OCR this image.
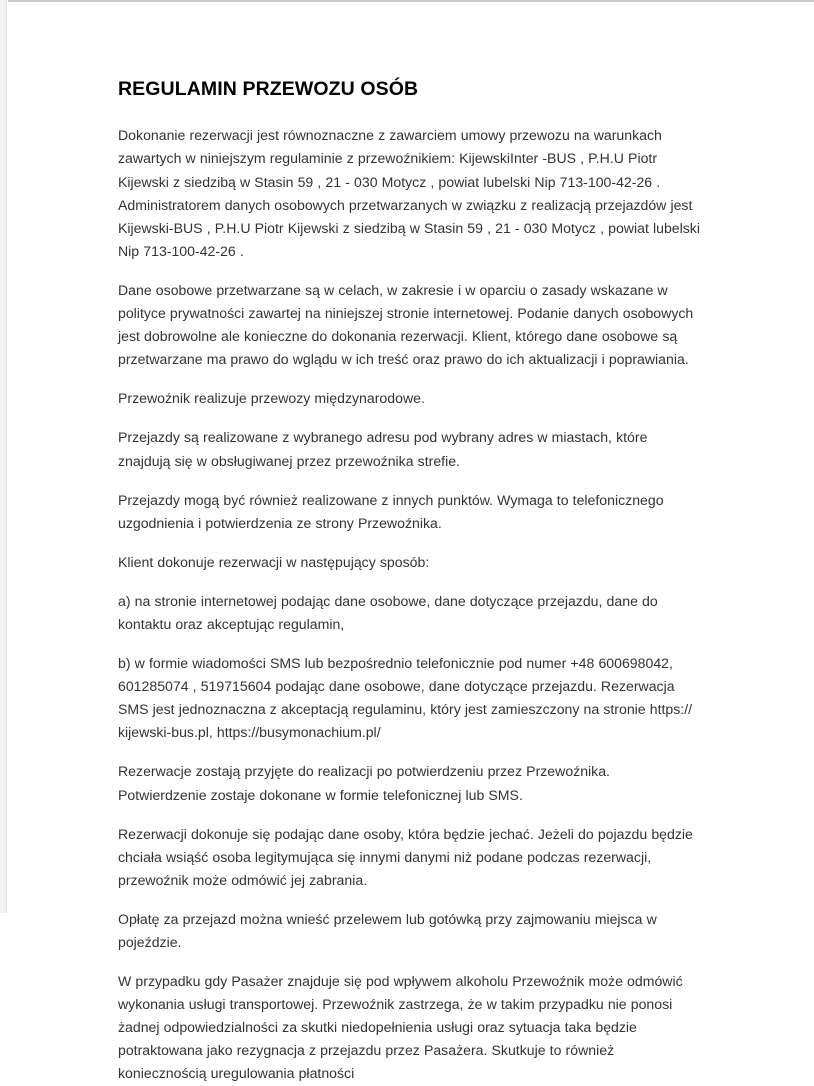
REGULAMIN PRZEWOZU OSÓB

Dokonanie rezerwacji jest równoznaczne z zawarciem umowy przewozu na warunkach zawartych w niniejszym regulaminie z przewoźnikiem: KijewskiInter -BUS , P.H.U Piotr Kijewski z siedzibą w Stasin 59 , 21 - 030 Motycz , powiat lubelski Nip 713-100-42-26 . Administratorem danych osobowych przetwarzanych w związku z realizacją przejazdów jest Kijewski-BUS , P.H.U Piotr Kijewski z siedzibą w Stasin 59 , 21 - 030 Motycz , powiat lubelski Nip 713-100-42-26 .

Dane osobowe przetwarzane są w celach, w zakresie i w oparciu o zasady wskazane w polityce prywatności zawartej na niniejszej stronie internetowej. Podanie danych osobowych jest dobrowolne ale konieczne do dokonania rezerwacji. Klient, którego dane osobowe są przetwarzane ma prawo do wglądu w ich treść oraz prawo do ich aktualizacji i poprawiania.

Przewoźnik realizuje przewozy międzynarodowe.

Przejazdy są realizowane z wybranego adresu pod wybrany adres w miastach, które znajdują się w obsługiwanej przez przewoźnika strefie.

Przejazdy mogą być również realizowane z innych punktów. Wymaga to telefonicznego uzgodnienia i potwierdzenia ze strony Przewoźnika.

Klient dokonuje rezerwacji w następujący sposób:

a) na stronie internetowej podając dane osobowe, dane dotyczące przejazdu, dane do kontaktu oraz akceptując regulamin,

b) w formie wiadomości SMS lub bezpośrednio telefonicznie pod numer +48 600698042, 601285074 , 519715604 podając dane osobowe, dane dotyczące przejazdu. Rezerwacja SMS jest jednoznaczna z akceptacją regulaminu, który jest zamieszczony na stronie https:// kijewski-bus.pl, https://busymonachium.pl/

Rezerwacje zostają przyjęte do realizacji po potwierdzeniu przez Przewoźnika. Potwierdzenie zostaje dokonane w formie telefonicznej lub SMS.

Rezerwacji dokonuje się podając dane osoby, która będzie jechać. Jeżeli do pojazdu będzie chciała wsiąść osoba legitymująca się innymi danymi niż podane podczas rezerwacji, przewoźnik może odmówić jej zabrania.

Opłatę za przejazd można wnieść przelewem lub gotówką przy zajmowaniu miejsca w pojeździe.

W przypadku gdy Pasażer znajduje się pod wpływem alkoholu Przewoźnik może odmówić wykonania usługi transportowej. Przewoźnik zastrzega, że w takim przypadku nie ponosi żadnej odpowiedzialności za skutki niedopełnienia usługi oraz sytuacja taka będzie potraktowana jako rezygnacja z przejazdu przez Pasażera. Skutkuje to również koniecznością uregulowania płatności
